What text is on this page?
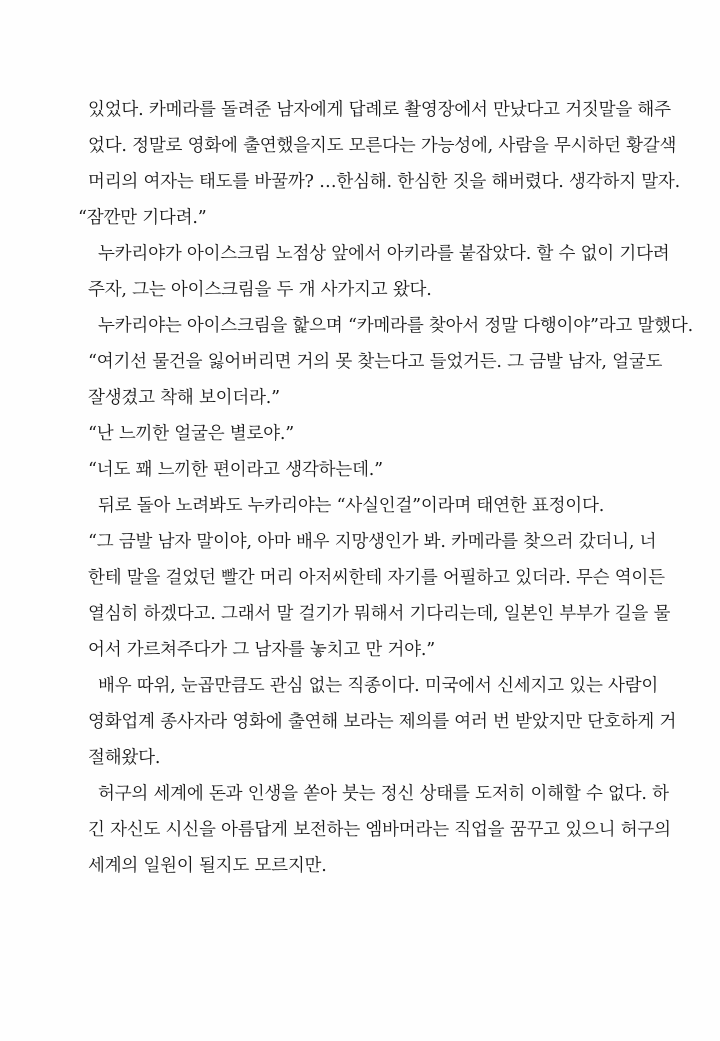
있었다. 카메라를 돌려준 남자에게 답례로 촬영장에서 만났다고 거짓말을 해주
었다. 정말로 영화에 출연했을지도 모른다는 가능성에, 사람을 무시하던 황갈색
머리의 여자는 태도를 바꿀까? …한심해. 한심한 짓을 해버렸다. 생각하지 말자.
“잠깐만 기다려.”
누카리야가 아이스크림 노점상 앞에서 아키라를 붙잡았다. 할 수 없이 기다려
주자, 그는 아이스크림을 두 개 사가지고 왔다.
누카리야는 아이스크림을 핥으며 “카메라를 찾아서 정말 다행이야”라고 말했다.
“여기선 물건을 잃어버리면 거의 못 찾는다고 들었거든. 그 금발 남자, 얼굴도
잘생겼고 착해 보이더라.”
“난 느끼한 얼굴은 별로야.”
“너도 꽤 느끼한 편이라고 생각하는데.”
뒤로 돌아 노려봐도 누카리야는 “사실인걸”이라며 태연한 표정이다.
“그 금발 남자 말이야, 아마 배우 지망생인가 봐. 카메라를 찾으러 갔더니, 너
한테 말을 걸었던 빨간 머리 아저씨한테 자기를 어필하고 있더라. 무슨 역이든
열심히 하겠다고. 그래서 말 걸기가 뭐해서 기다리는데, 일본인 부부가 길을 물
어서 가르쳐주다가 그 남자를 놓치고 만 거야.”
배우 따위, 눈곱만큼도 관심 없는 직종이다. 미국에서 신세지고 있는 사람이
영화업계 종사자라 영화에 출연해 보라는 제의를 여러 번 받았지만 단호하게 거
절해왔다.
허구의 세계에 돈과 인생을 쏟아 붓는 정신 상태를 도저히 이해할 수 없다. 하
긴 자신도 시신을 아름답게 보전하는 엠바머라는 직업을 꿈꾸고 있으니 허구의
세계의 일원이 될지도 모르지만.
